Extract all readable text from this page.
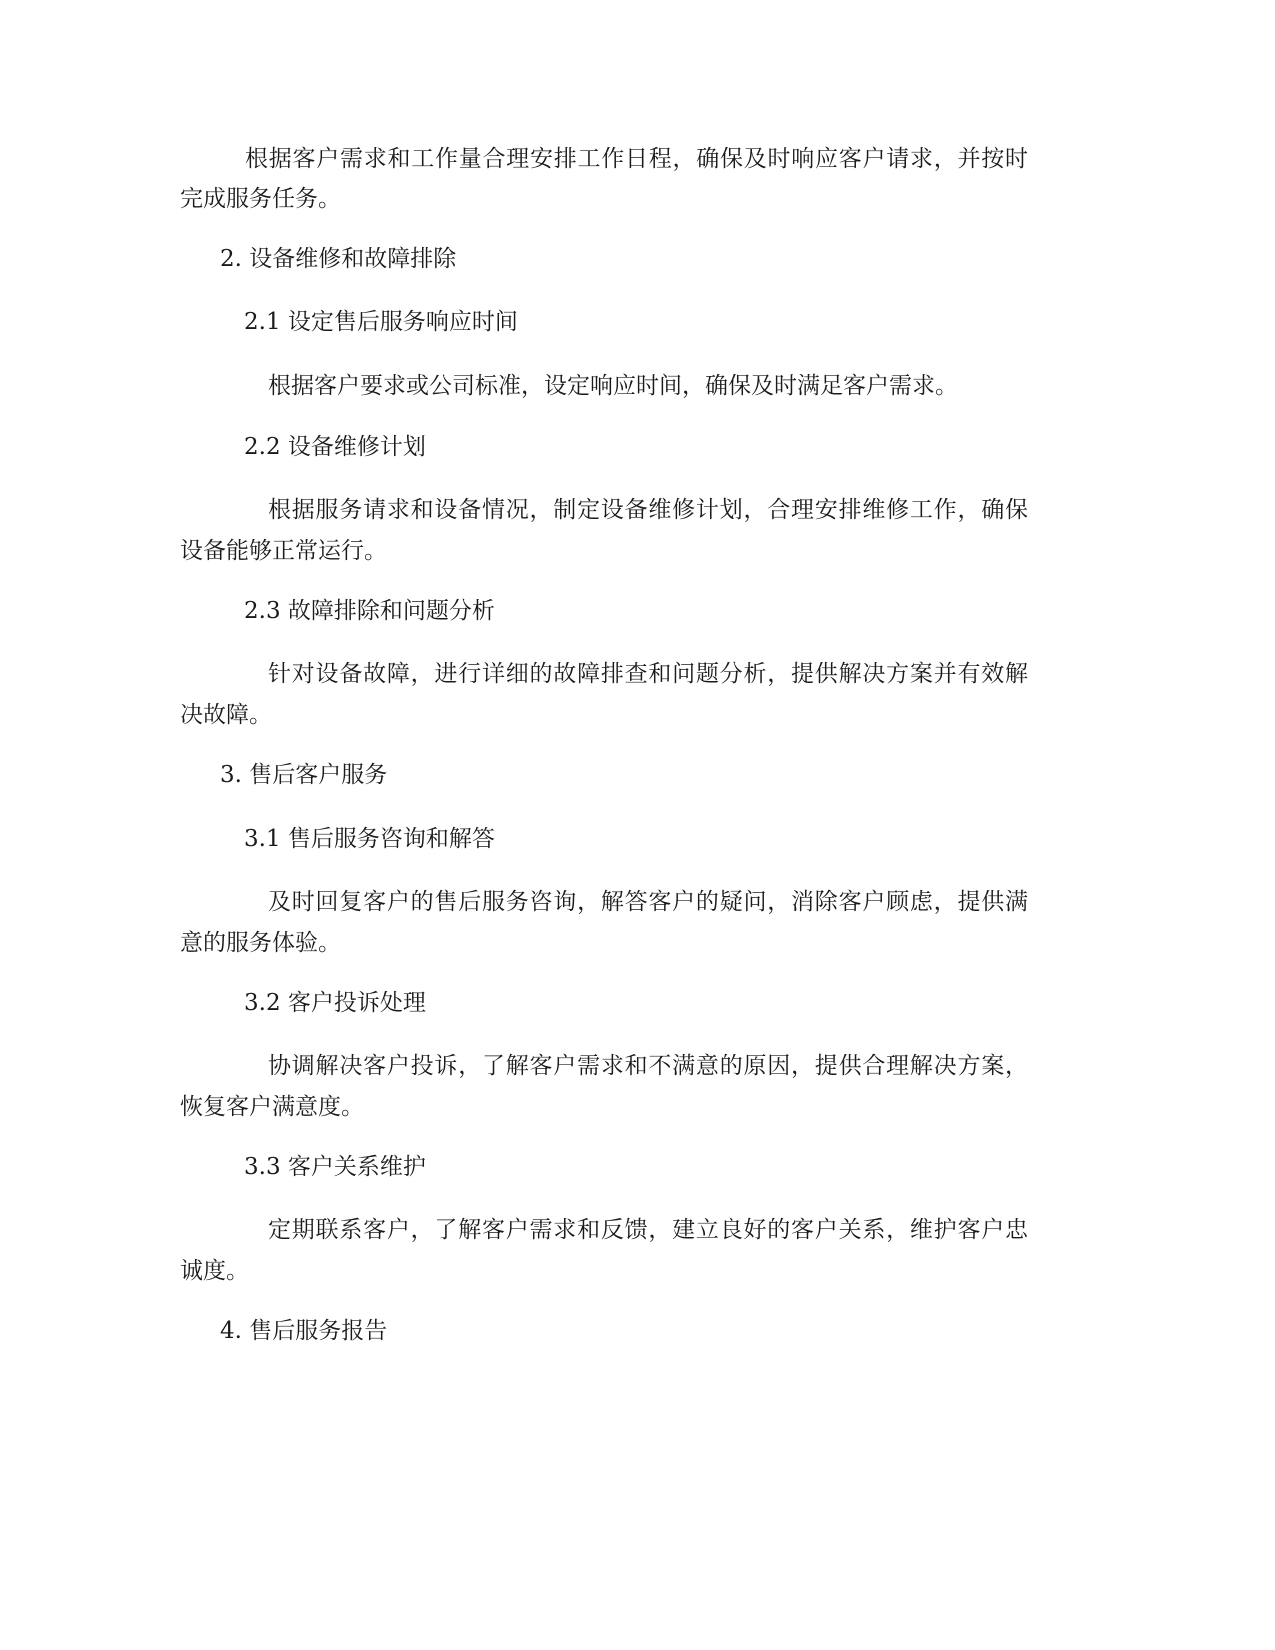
根据客户需求和工作量合理安排工作日程，确保及时响应客户请求，并按时

完成服务任务。

2. 设备维修和故障排除

2.1 设定售后服务响应时间

根据客户要求或公司标准，设定响应时间，确保及时满足客户需求。

2.2 设备维修计划

根据服务请求和设备情况，制定设备维修计划，合理安排维修工作，确保

设备能够正常运行。

2.3 故障排除和问题分析

针对设备故障，进行详细的故障排查和问题分析，提供解决方案并有效解

决故障。

3. 售后客户服务

3.1 售后服务咨询和解答

及时回复客户的售后服务咨询，解答客户的疑问，消除客户顾虑，提供满

意的服务体验。

3.2 客户投诉处理

协调解决客户投诉，了解客户需求和不满意的原因，提供合理解决方案，

恢复客户满意度。

3.3 客户关系维护

定期联系客户，了解客户需求和反馈，建立良好的客户关系，维护客户忠

诚度。

4. 售后服务报告
